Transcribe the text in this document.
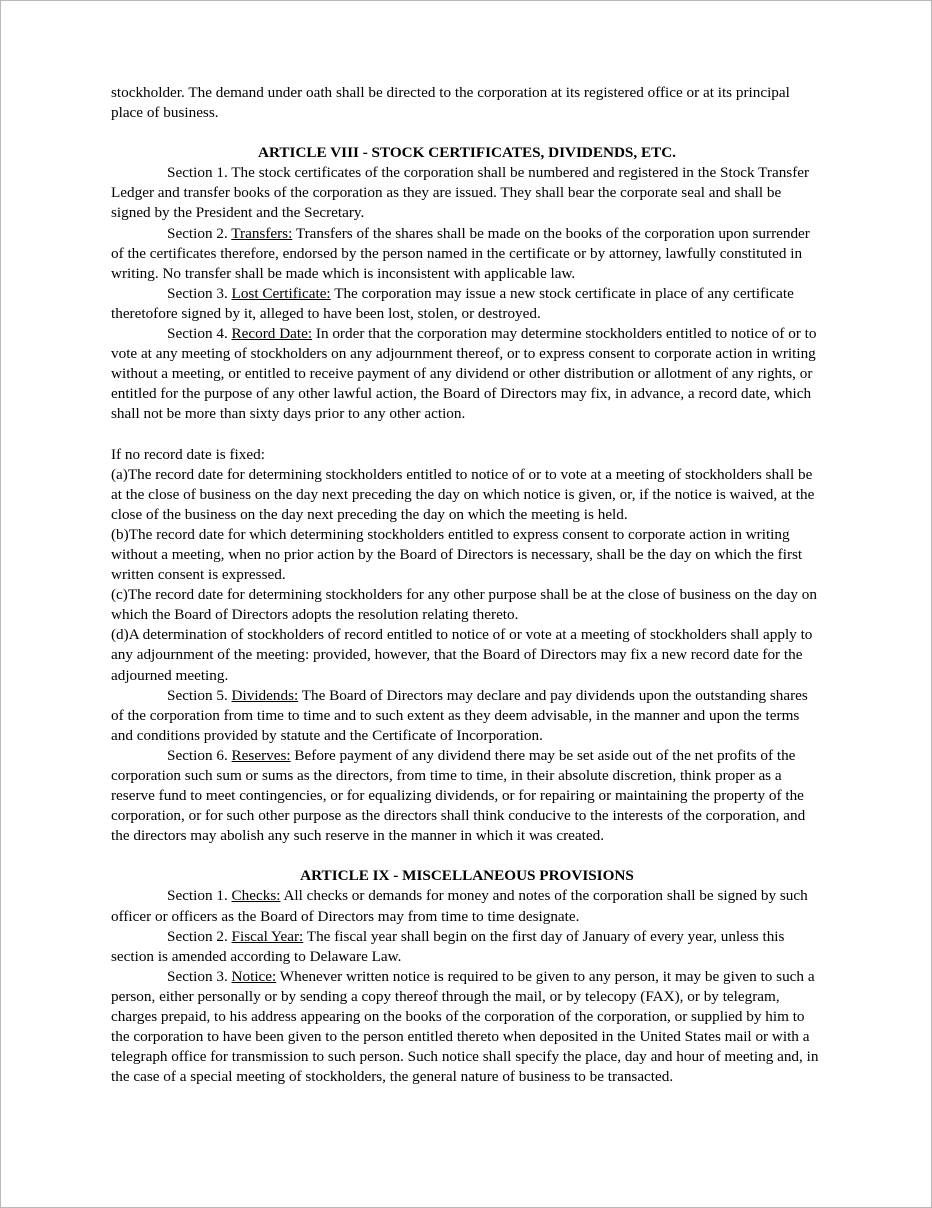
stockholder. The demand under oath shall be directed to the corporation at its registered office or at its principal place of business.

ARTICLE VIII - STOCK CERTIFICATES, DIVIDENDS, ETC.

Section 1. The stock certificates of the corporation shall be numbered and registered in the Stock Transfer Ledger and transfer books of the corporation as they are issued. They shall bear the corporate seal and shall be signed by the President and the Secretary.

Section 2. Transfers: Transfers of the shares shall be made on the books of the corporation upon surrender of the certificates therefore, endorsed by the person named in the certificate or by attorney, lawfully constituted in writing. No transfer shall be made which is inconsistent with applicable law.

Section 3. Lost Certificate: The corporation may issue a new stock certificate in place of any certificate theretofore signed by it, alleged to have been lost, stolen, or destroyed.

Section 4. Record Date: In order that the corporation may determine stockholders entitled to notice of or to vote at any meeting of stockholders on any adjournment thereof, or to express consent to corporate action in writing without a meeting, or entitled to receive payment of any dividend or other distribution or allotment of any rights, or entitled for the purpose of any other lawful action, the Board of Directors may fix, in advance, a record date, which shall not be more than sixty days prior to any other action.

If no record date is fixed:

(a)The record date for determining stockholders entitled to notice of or to vote at a meeting of stockholders shall be at the close of business on the day next preceding the day on which notice is given, or, if the notice is waived, at the close of the business on the day next preceding the day on which the meeting is held.

(b)The record date for which determining stockholders entitled to express consent to corporate action in writing without a meeting, when no prior action by the Board of Directors is necessary, shall be the day on which the first written consent is expressed.

(c)The record date for determining stockholders for any other purpose shall be at the close of business on the day on which the Board of Directors adopts the resolution relating thereto.

(d)A determination of stockholders of record entitled to notice of or vote at a meeting of stockholders shall apply to any adjournment of the meeting: provided, however, that the Board of Directors may fix a new record date for the adjourned meeting.

Section 5. Dividends: The Board of Directors may declare and pay dividends upon the outstanding shares of the corporation from time to time and to such extent as they deem advisable, in the manner and upon the terms and conditions provided by statute and the Certificate of Incorporation.

Section 6. Reserves: Before payment of any dividend there may be set aside out of the net profits of the corporation such sum or sums as the directors, from time to time, in their absolute discretion, think proper as a reserve fund to meet contingencies, or for equalizing dividends, or for repairing or maintaining the property of the corporation, or for such other purpose as the directors shall think conducive to the interests of the corporation, and the directors may abolish any such reserve in the manner in which it was created.

ARTICLE IX - MISCELLANEOUS PROVISIONS

Section 1. Checks: All checks or demands for money and notes of the corporation shall be signed by such officer or officers as the Board of Directors may from time to time designate.

Section 2. Fiscal Year: The fiscal year shall begin on the first day of January of every year, unless this section is amended according to Delaware Law.

Section 3. Notice: Whenever written notice is required to be given to any person, it may be given to such a person, either personally or by sending a copy thereof through the mail, or by telecopy (FAX), or by telegram, charges prepaid, to his address appearing on the books of the corporation of the corporation, or supplied by him to the corporation to have been given to the person entitled thereto when deposited in the United States mail or with a telegraph office for transmission to such person. Such notice shall specify the place, day and hour of meeting and, in the case of a special meeting of stockholders, the general nature of business to be transacted.
